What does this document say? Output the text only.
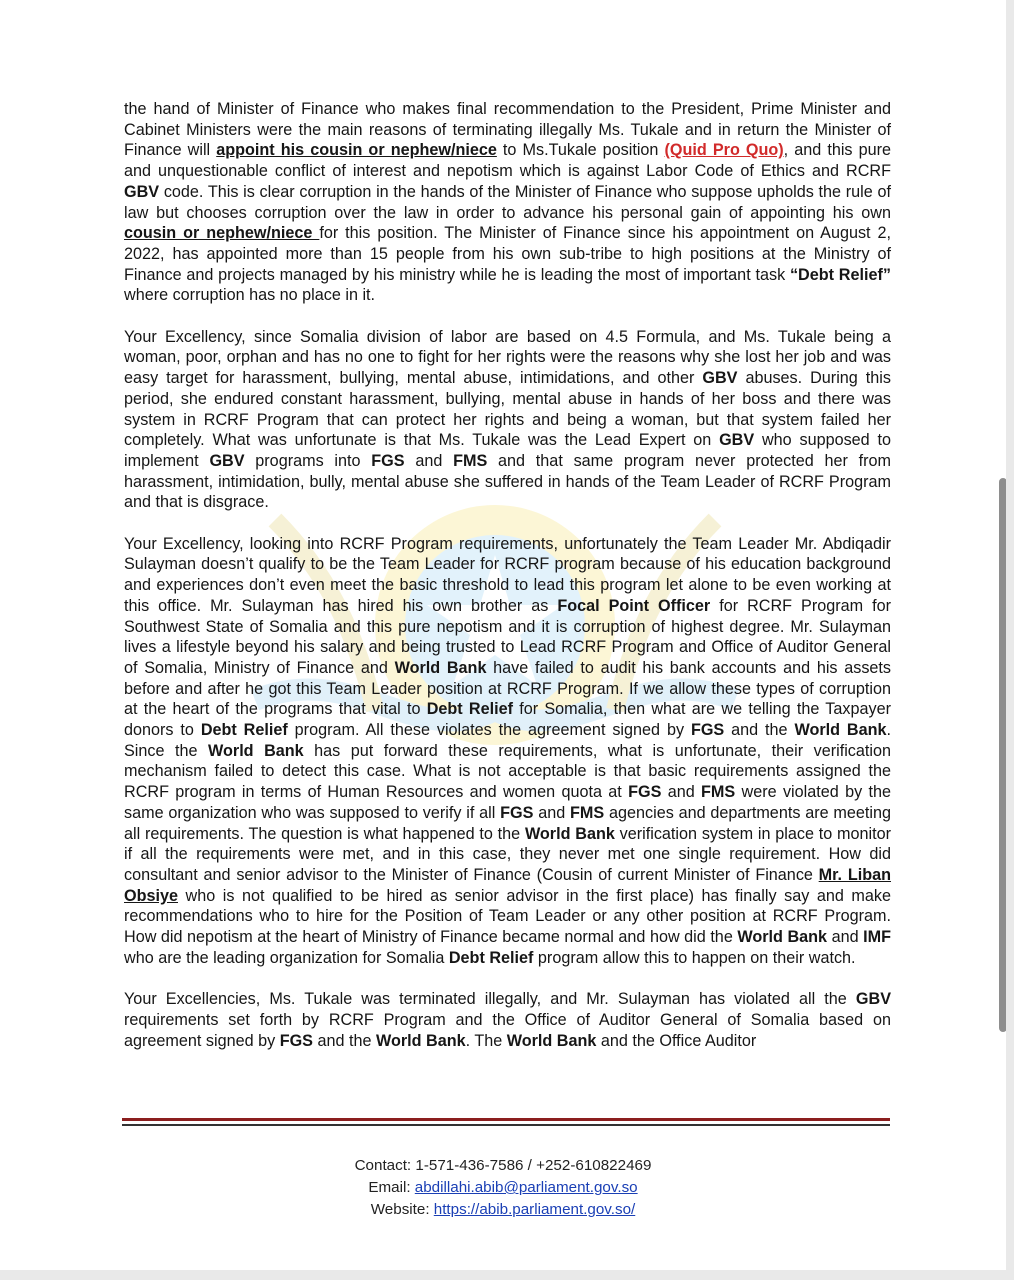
the hand of Minister of Finance who makes final recommendation to the President, Prime Minister and Cabinet Ministers were the main reasons of terminating illegally Ms. Tukale and in return the Minister of Finance will appoint his cousin or nephew/niece to Ms.Tukale position (Quid Pro Quo), and this pure and unquestionable conflict of interest and nepotism which is against Labor Code of Ethics and RCRF GBV code. This is clear corruption in the hands of the Minister of Finance who suppose upholds the rule of law but chooses corruption over the law in order to advance his personal gain of appointing his own cousin or nephew/niece for this position. The Minister of Finance since his appointment on August 2, 2022, has appointed more than 15 people from his own sub-tribe to high positions at the Ministry of Finance and projects managed by his ministry while he is leading the most of important task “Debt Relief” where corruption has no place in it.

Your Excellency, since Somalia division of labor are based on 4.5 Formula, and Ms. Tukale being a woman, poor, orphan and has no one to fight for her rights were the reasons why she lost her job and was easy target for harassment, bullying, mental abuse, intimidations, and other GBV abuses. During this period, she endured constant harassment, bullying, mental abuse in hands of her boss and there was system in RCRF Program that can protect her rights and being a woman, but that system failed her completely. What was unfortunate is that Ms. Tukale was the Lead Expert on GBV who supposed to implement GBV programs into FGS and FMS and that same program never protected her from harassment, intimidation, bully, mental abuse she suffered in hands of the Team Leader of RCRF Program and that is disgrace.

Your Excellency, looking into RCRF Program requirements, unfortunately the Team Leader Mr. Abdiqadir Sulayman doesn’t qualify to be the Team Leader for RCRF program because of his education background and experiences don’t even meet the basic threshold to lead this program let alone to be even working at this office. Mr. Sulayman has hired his own brother as Focal Point Officer for RCRF Program for Southwest State of Somalia and this pure nepotism and it is corruption of highest degree. Mr. Sulayman lives a lifestyle beyond his salary and being trusted to Lead RCRF Program and Office of Auditor General of Somalia, Ministry of Finance and World Bank have failed to audit his bank accounts and his assets before and after he got this Team Leader position at RCRF Program. If we allow these types of corruption at the heart of the programs that vital to Debt Relief for Somalia, then what are we telling the Taxpayer donors to Debt Relief program. All these violates the agreement signed by FGS and the World Bank. Since the World Bank has put forward these requirements, what is unfortunate, their verification mechanism failed to detect this case. What is not acceptable is that basic requirements assigned the RCRF program in terms of Human Resources and women quota at FGS and FMS were violated by the same organization who was supposed to verify if all FGS and FMS agencies and departments are meeting all requirements. The question is what happened to the World Bank verification system in place to monitor if all the requirements were met, and in this case, they never met one single requirement. How did consultant and senior advisor to the Minister of Finance (Cousin of current Minister of Finance Mr. Liban Obsiye who is not qualified to be hired as senior advisor in the first place) has finally say and make recommendations who to hire for the Position of Team Leader or any other position at RCRF Program. How did nepotism at the heart of Ministry of Finance became normal and how did the World Bank and IMF who are the leading organization for Somalia Debt Relief program allow this to happen on their watch.

Your Excellencies, Ms. Tukale was terminated illegally, and Mr. Sulayman has violated all the GBV requirements set forth by RCRF Program and the Office of Auditor General of Somalia based on agreement signed by FGS and the World Bank. The World Bank and the Office Auditor

Contact: 1-571-436-7586 / +252-610822469
Email: abdillahi.abib@parliament.gov.so
Website: https://abib.parliament.gov.so/
